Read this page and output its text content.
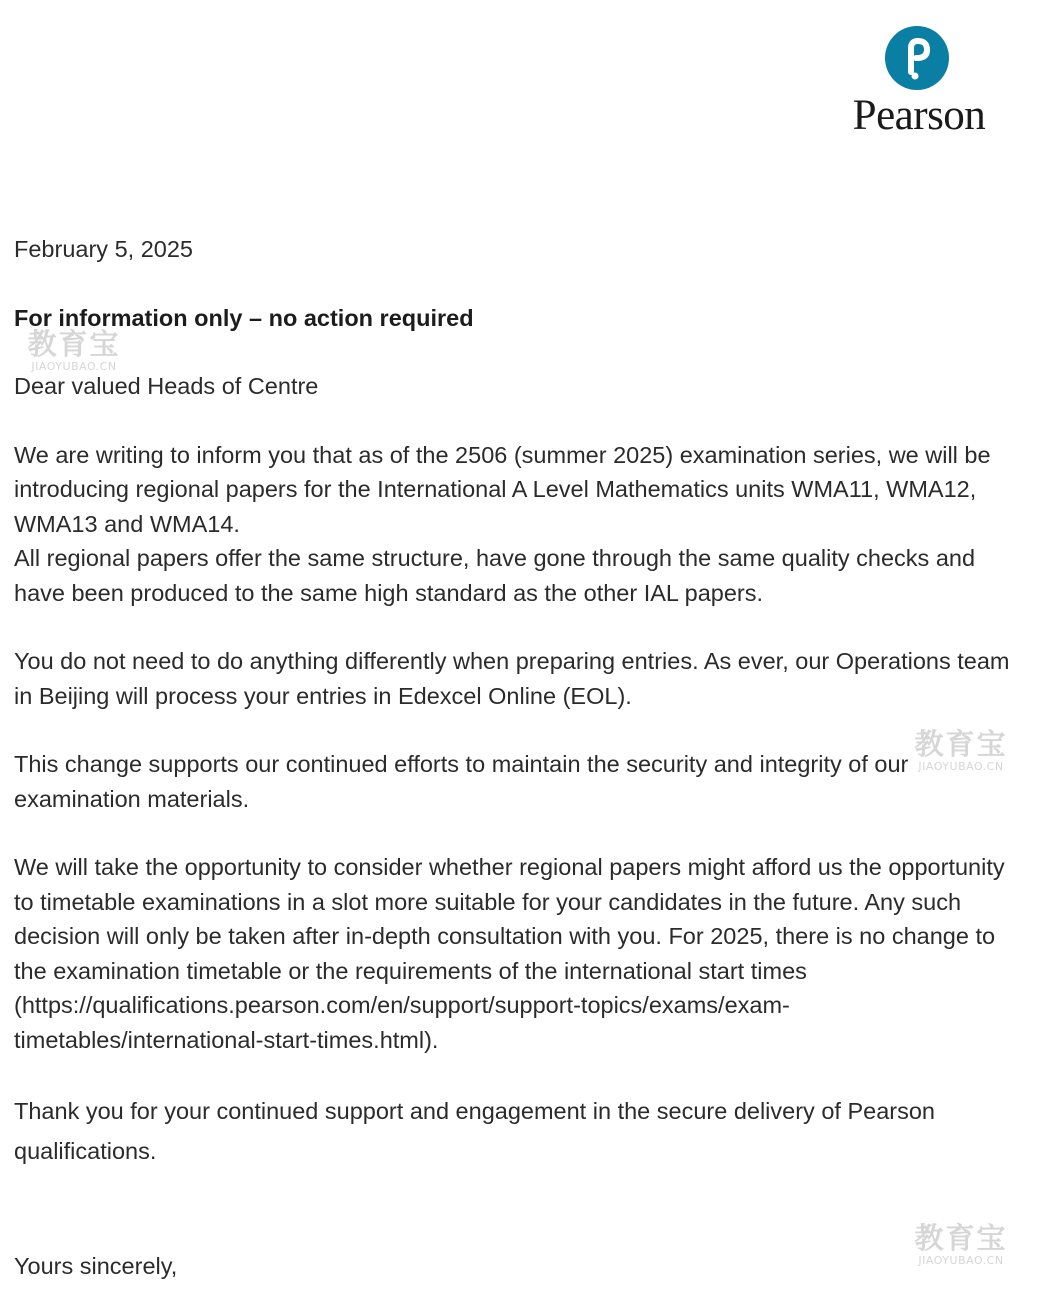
Pearson

February 5, 2025

For information only – no action required

Dear valued Heads of Centre

We are writing to inform you that as of the 2506 (summer 2025) examination series, we will be introducing regional papers for the International A Level Mathematics units WMA11, WMA12, WMA13 and WMA14.

All regional papers offer the same structure, have gone through the same quality checks and have been produced to the same high standard as the other IAL papers.

You do not need to do anything differently when preparing entries. As ever, our Operations team in Beijing will process your entries in Edexcel Online (EOL).

This change supports our continued efforts to maintain the security and integrity of our examination materials.

We will take the opportunity to consider whether regional papers might afford us the opportunity to timetable examinations in a slot more suitable for your candidates in the future. Any such decision will only be taken after in-depth consultation with you. For 2025, there is no change to the examination timetable or the requirements of the international start times (https://qualifications.pearson.com/en/support/support-topics/exams/exam-timetables/international-start-times.html).

Thank you for your continued support and engagement in the secure delivery of Pearson qualifications.

Yours sincerely,

教育宝
JIAOYUBAO.CN
教育宝
JIAOYUBAO.CN
教育宝
JIAOYUBAO.CN
